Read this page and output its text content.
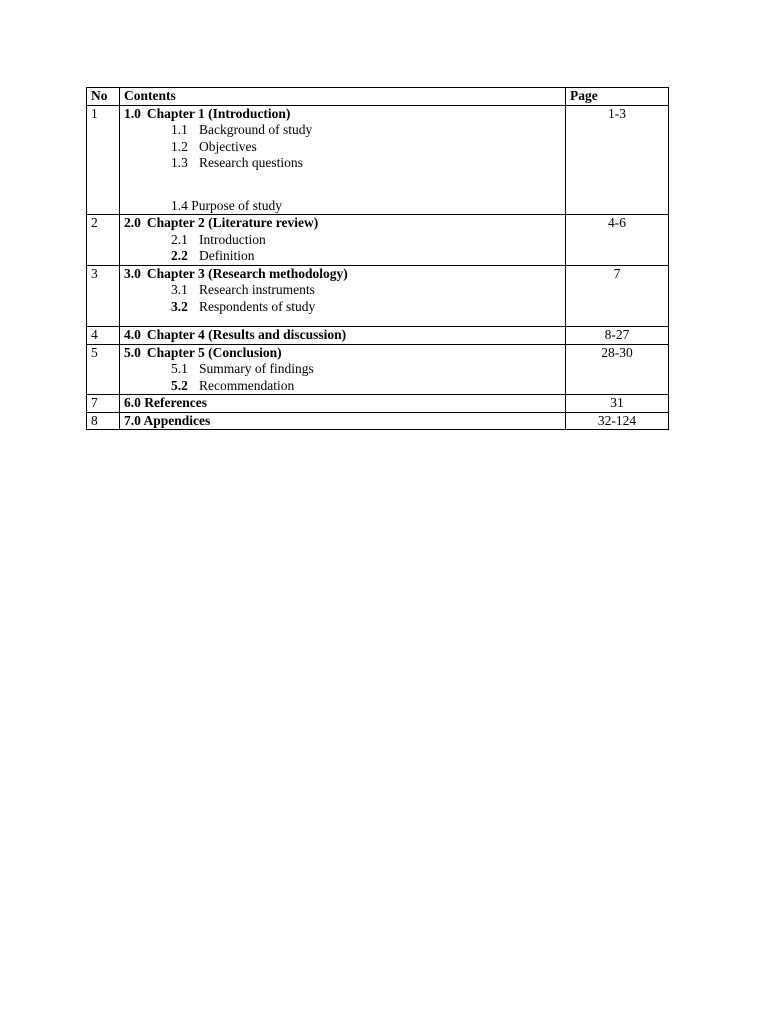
No	Contents	Page
1	1.0 Chapter 1 (Introduction)
1.1 Background of study
1.2 Objectives
1.3 Research questions
1.4 Purpose of study	1-3
2	2.0 Chapter 2 (Literature review)
2.1 Introduction
2.2 Definition	4-6
3	3.0 Chapter 3 (Research methodology)
3.1 Research instruments
3.2 Respondents of study	7
4	4.0 Chapter 4 (Results and discussion)	8-27
5	5.0 Chapter 5 (Conclusion)
5.1 Summary of findings
5.2 Recommendation	28-30
7	6.0 References	31
8	7.0 Appendices	32-124
